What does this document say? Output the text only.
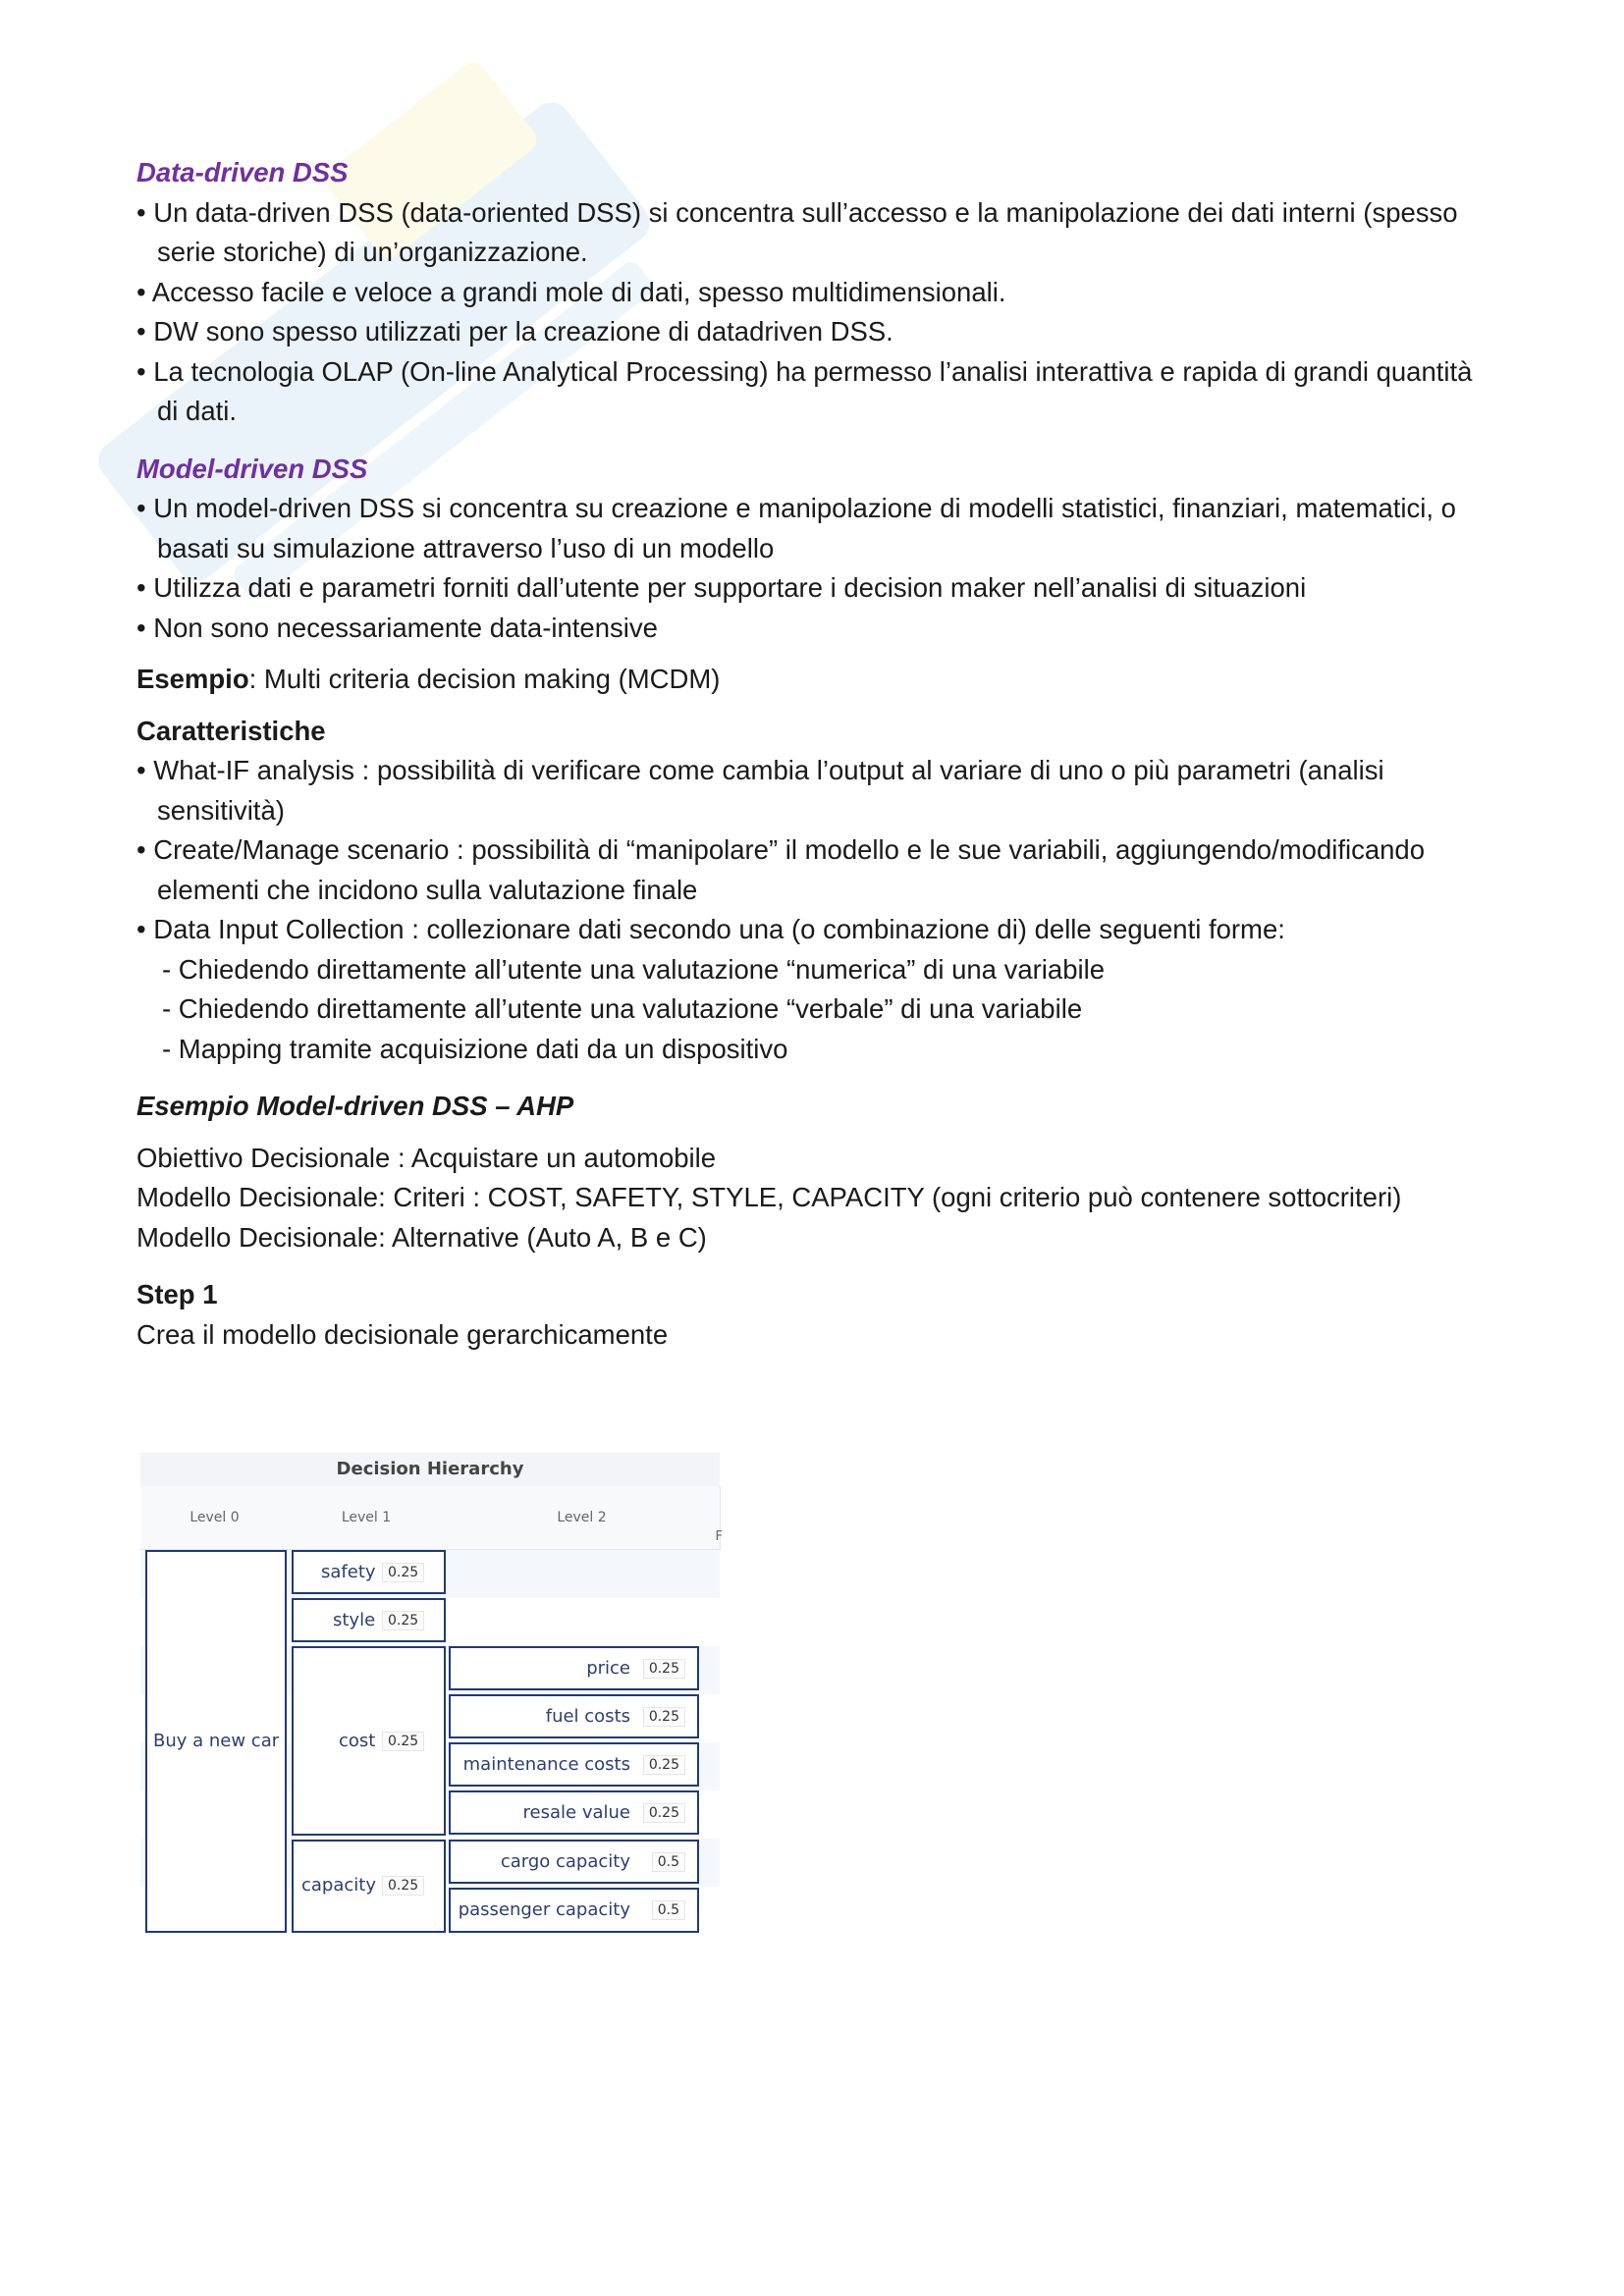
Data-driven DSS
• Un data-driven DSS (data-oriented DSS) si concentra sull’accesso e la manipolazione dei dati interni (spesso
serie storiche) di un’organizzazione.
• Accesso facile e veloce a grandi mole di dati, spesso multidimensionali.
• DW sono spesso utilizzati per la creazione di datadriven DSS.
• La tecnologia OLAP (On-line Analytical Processing) ha permesso l’analisi interattiva e rapida di grandi quantità
di dati.
Model-driven DSS
• Un model-driven DSS si concentra su creazione e manipolazione di modelli statistici, finanziari, matematici, o
basati su simulazione attraverso l’uso di un modello
• Utilizza dati e parametri forniti dall’utente per supportare i decision maker nell’analisi di situazioni
• Non sono necessariamente data-intensive
Esempio: Multi criteria decision making (MCDM)
Caratteristiche
• What-IF analysis : possibilità di verificare come cambia l’output al variare di uno o più parametri (analisi
sensitività)
• Create/Manage scenario : possibilità di “manipolare” il modello e le sue variabili, aggiungendo/modificando
elementi che incidono sulla valutazione finale
• Data Input Collection : collezionare dati secondo una (o combinazione di) delle seguenti forme:
- Chiedendo direttamente all’utente una valutazione “numerica” di una variabile
- Chiedendo direttamente all’utente una valutazione “verbale” di una variabile
- Mapping tramite acquisizione dati da un dispositivo
Esempio Model-driven DSS – AHP
Obiettivo Decisionale : Acquistare un automobile
Modello Decisionale: Criteri : COST, SAFETY, STYLE, CAPACITY (ogni criterio può contenere sottocriteri)
Modello Decisionale: Alternative (Auto A, B e C)
Step 1
Crea il modello decisionale gerarchicamente
Decision Hierarchy
Level 0	Level 1	Level 2
F
Buy a new car
safety 0.25
style 0.25
cost 0.25
capacity 0.25
price	0.25
fuel costs	0.25
maintenance costs	0.25
resale value	0.25
cargo capacity	0.5
passenger capacity	0.5
